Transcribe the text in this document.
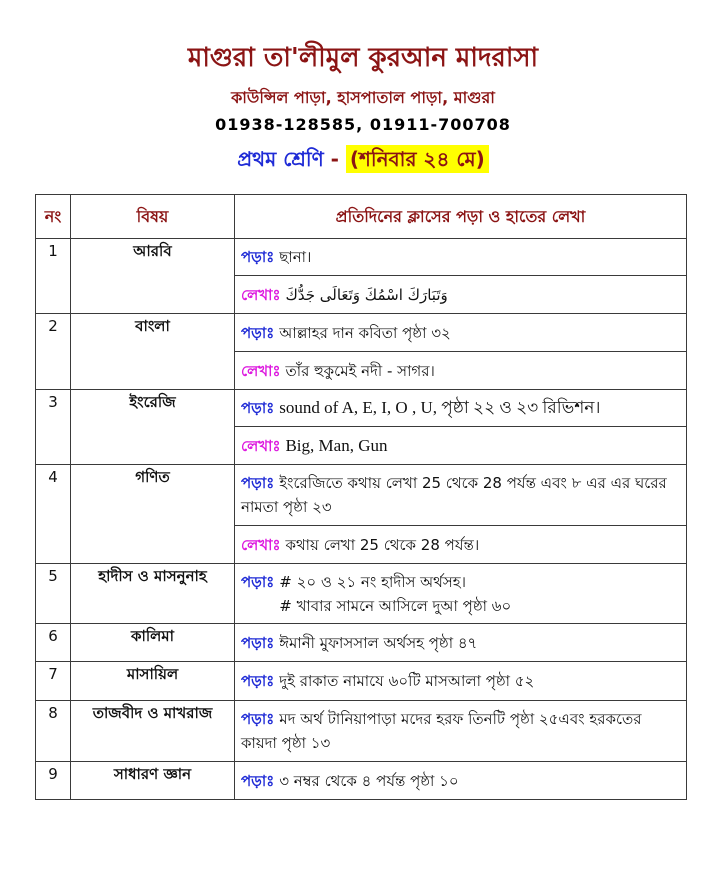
মাগুরা তা'লীমুল কুরআন মাদরাসা
কাউন্সিল পাড়া, হাসপাতাল পাড়া, মাগুরা
01938-128585, 01911-700708
প্রথম শ্রেণি - (শনিবার ২৪ মে)
নং	বিষয়	প্রতিদিনের ক্লাসের পড়া ও হাতের লেখা
1	আরবি	পড়াঃ ছানা।
		লেখাঃ وَتَبَارَكَ اسْمُكَ وَتَعَالَى جَدُّكَ
2	বাংলা	পড়াঃ আল্লাহর দান কবিতা পৃষ্ঠা ৩২
		লেখাঃ তাঁর হুকুমেই নদী - সাগর।
3	ইংরেজি	পড়াঃ sound of A, E, I, O , U, পৃষ্ঠা ২২ ও ২৩ রিভিশন।
		লেখাঃ Big, Man, Gun
4	গণিত	পড়াঃ ইংরেজিতে কথায় লেখা 25 থেকে 28 পর্যন্ত এবং ৮ এর এর ঘরের নামতা পৃষ্ঠা ২৩
		লেখাঃ কথায় লেখা 25 থেকে 28 পর্যন্ত।
5	হাদীস ও মাসনুনাহ	পড়াঃ # ২০ ও ২১ নং হাদীস অর্থসহ।
# খাবার সামনে আসিলে দুআ পৃষ্ঠা ৬০

6	কালিমা	পড়াঃ ঈমানী মুফাসসাল অর্থসহ পৃষ্ঠা ৪৭
7	মাসায়িল	পড়াঃ দুই রাকাত নামাযে ৬০টি মাসআলা পৃষ্ঠা ৫২
8	তাজবীদ ও মাখরাজ	পড়াঃ মদ অর্থ টানিয়াপাড়া মদের হরফ তিনটি পৃষ্ঠা ২৫এবং হরকতের কায়দা পৃষ্ঠা ১৩
9	সাধারণ জ্ঞান	পড়াঃ ৩ নম্বর থেকে ৪ পর্যন্ত পৃষ্ঠা ১০
